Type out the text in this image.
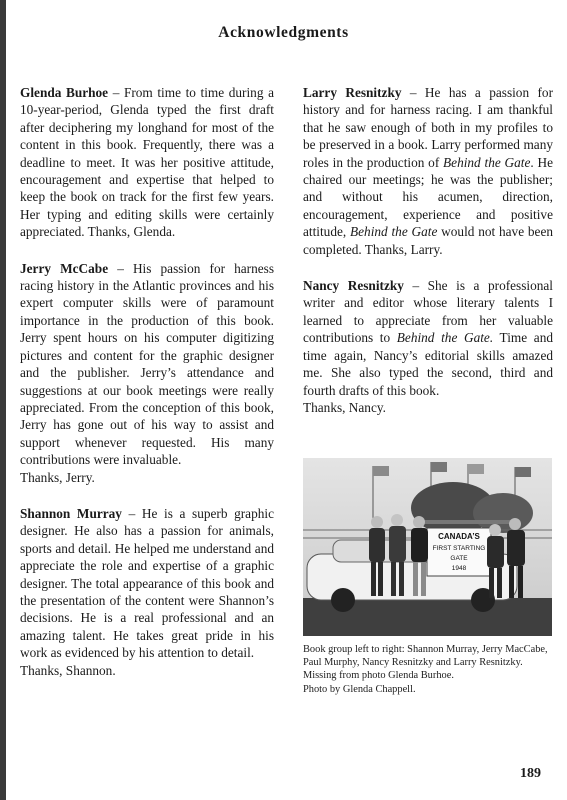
Acknowledgments

Glenda Burhoe – From time to time during a 10-year-period, Glenda typed the first draft after deciphering my longhand for most of the content in this book. Frequently, there was a deadline to meet. It was her positive attitude, encouragement and expertise that helped to keep the book on track for the first few years. Her typing and editing skills were certainly appreciated. Thanks, Glenda.

Jerry McCabe – His passion for harness racing history in the Atlantic provinces and his expert computer skills were of paramount importance in the production of this book. Jerry spent hours on his computer digitizing pictures and content for the graphic designer and the publisher. Jerry’s attendance and suggestions at our book meetings were really appreciated. From the conception of this book, Jerry has gone out of his way to assist and support whenever requested. His many contributions were invaluable.
Thanks, Jerry.

Shannon Murray – He is a superb graphic designer. He also has a passion for animals, sports and detail. He helped me understand and appreciate the role and expertise of a graphic designer. The total appearance of this book and the presentation of the content were Shannon’s decisions. He is a real professional and an amazing talent. He takes great pride in his work as evidenced by his attention to detail.
Thanks, Shannon.

Larry Resnitzky – He has a passion for history and for harness racing. I am thankful that he saw enough of both in my profiles to be preserved in a book. Larry performed many roles in the production of Behind the Gate. He chaired our meetings; he was the publisher; and without his acumen, direction, encouragement, experience and positive attitude, Behind the Gate would not have been completed. Thanks, Larry.

Nancy Resnitzky – She is a professional writer and editor whose literary talents I learned to appreciate from her valuable contributions to Behind the Gate. Time and time again, Nancy’s editorial skills amazed me. She also typed the second, third and fourth drafts of this book.
Thanks, Nancy.

CANADA’S
FIRST STARTING
GATE
1948
Book group left to right: Shannon Murray, Jerry MacCabe, Paul Murphy, Nancy Resnitzky and Larry Resnitzky. Missing from photo Glenda Burhoe.
Photo by Glenda Chappell.
189
